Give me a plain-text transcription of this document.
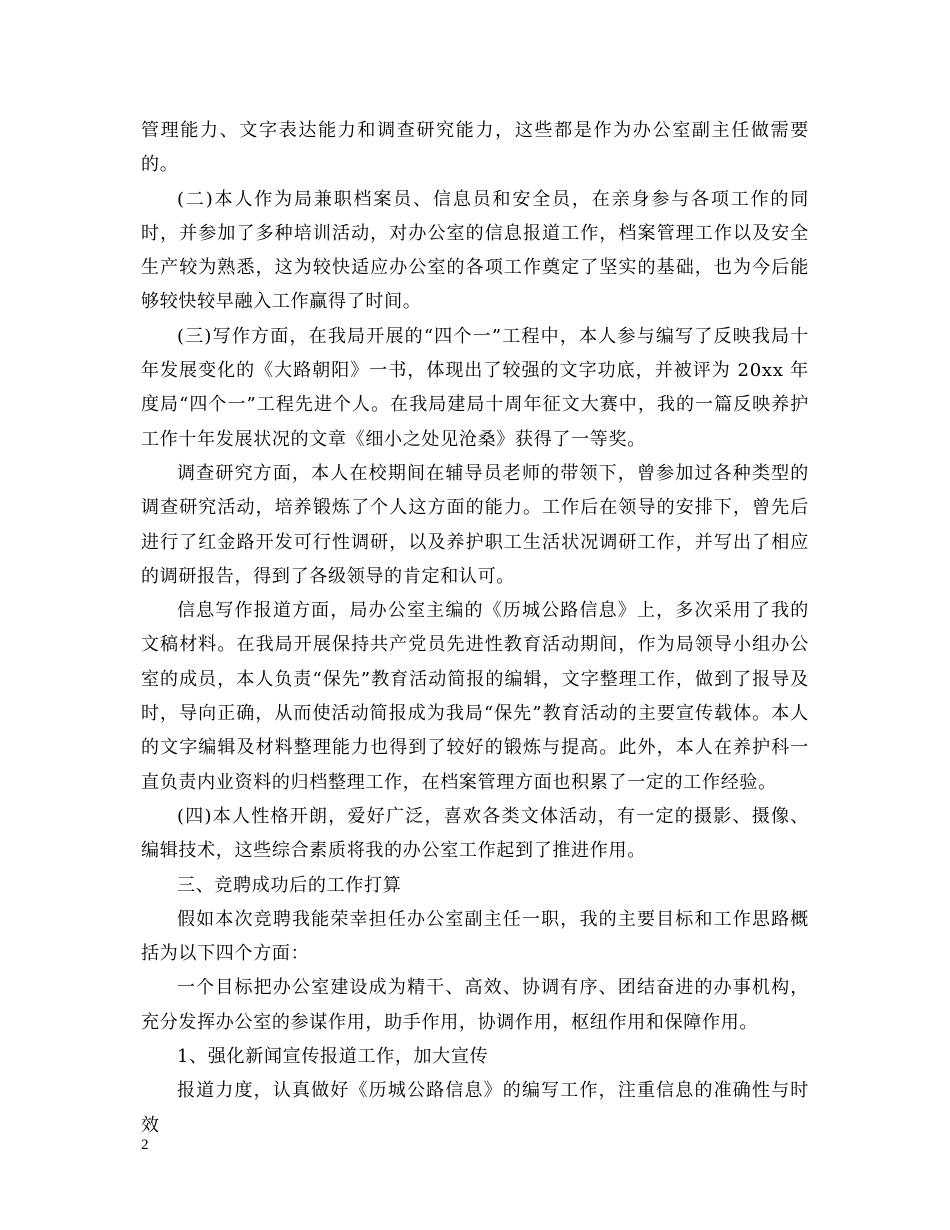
管理能力、文字表达能力和调查研究能力，这些都是作为办公室副主任做需要的。

(二)本人作为局兼职档案员、信息员和安全员，在亲身参与各项工作的同时，并参加了多种培训活动，对办公室的信息报道工作，档案管理工作以及安全生产较为熟悉，这为较快适应办公室的各项工作奠定了坚实的基础，也为今后能够较快较早融入工作赢得了时间。

(三)写作方面，在我局开展的“四个一”工程中，本人参与编写了反映我局十年发展变化的《大路朝阳》一书，体现出了较强的文字功底，并被评为 20xx 年度局“四个一”工程先进个人。在我局建局十周年征文大赛中，我的一篇反映养护工作十年发展状况的文章《细小之处见沧桑》获得了一等奖。

调查研究方面，本人在校期间在辅导员老师的带领下，曾参加过各种类型的调查研究活动，培养锻炼了个人这方面的能力。工作后在领导的安排下，曾先后进行了红金路开发可行性调研，以及养护职工生活状况调研工作，并写出了相应的调研报告，得到了各级领导的肯定和认可。

信息写作报道方面，局办公室主编的《历城公路信息》上，多次采用了我的文稿材料。在我局开展保持共产党员先进性教育活动期间，作为局领导小组办公室的成员，本人负责“保先”教育活动简报的编辑，文字整理工作，做到了报导及时，导向正确，从而使活动简报成为我局“保先”教育活动的主要宣传载体。本人的文字编辑及材料整理能力也得到了较好的锻炼与提高。此外，本人在养护科一直负责内业资料的归档整理工作，在档案管理方面也积累了一定的工作经验。

(四)本人性格开朗，爱好广泛，喜欢各类文体活动，有一定的摄影、摄像、编辑技术，这些综合素质将我的办公室工作起到了推进作用。

三、竞聘成功后的工作打算

假如本次竞聘我能荣幸担任办公室副主任一职，我的主要目标和工作思路概括为以下四个方面：

一个目标把办公室建设成为精干、高效、协调有序、团结奋进的办事机构，充分发挥办公室的参谋作用，助手作用，协调作用，枢纽作用和保障作用。

1、强化新闻宣传报道工作，加大宣传

报道力度，认真做好《历城公路信息》的编写工作，注重信息的准确性与时效

2
